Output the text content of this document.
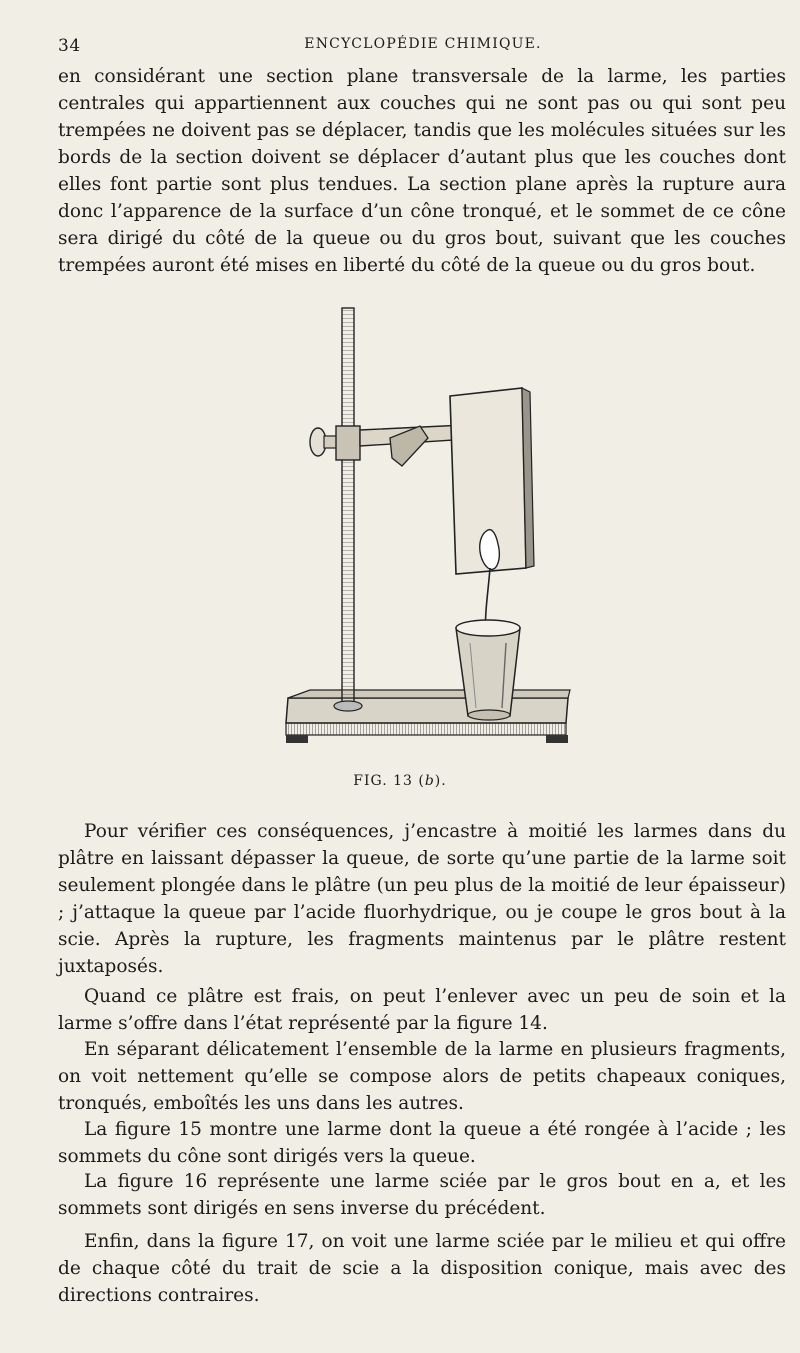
34	ENCYCLOPÉDIE CHIMIQUE.

en considérant une section plane transversale de la larme, les parties centrales qui appartiennent aux couches qui ne sont pas ou qui sont peu trempées ne doivent pas se déplacer, tandis que les molécules situées sur les bords de la section doivent se déplacer d’autant plus que les couches dont elles font partie sont plus tendues. La section plane après la rupture aura donc l’apparence de la surface d’un cône tronqué, et le sommet de ce cône sera dirigé du côté de la queue ou du gros bout, suivant que les couches trempées auront été mises en liberté du côté de la queue ou du gros bout.

FIG. 13 (b).

Pour vérifier ces conséquences, j’encastre à moitié les larmes dans du plâtre en laissant dépasser la queue, de sorte qu’une partie de la larme soit seulement plongée dans le plâtre (un peu plus de la moitié de leur épaisseur) ; j’attaque la queue par l’acide fluorhydrique, ou je coupe le gros bout à la scie. Après la rupture, les fragments maintenus par le plâtre restent juxtaposés.

Quand ce plâtre est frais, on peut l’enlever avec un peu de soin et la larme s’offre dans l’état représenté par la figure 14.

En séparant délicatement l’ensemble de la larme en plusieurs fragments, on voit nettement qu’elle se compose alors de petits chapeaux coniques, tronqués, emboîtés les uns dans les autres.

La figure 15 montre une larme dont la queue a été rongée à l’acide ; les sommets du cône sont dirigés vers la queue.

La figure 16 représente une larme sciée par le gros bout en a, et les sommets sont dirigés en sens inverse du précédent.

Enfin, dans la figure 17, on voit une larme sciée par le milieu et qui offre de chaque côté du trait de scie a la disposition conique, mais avec des directions contraires.
